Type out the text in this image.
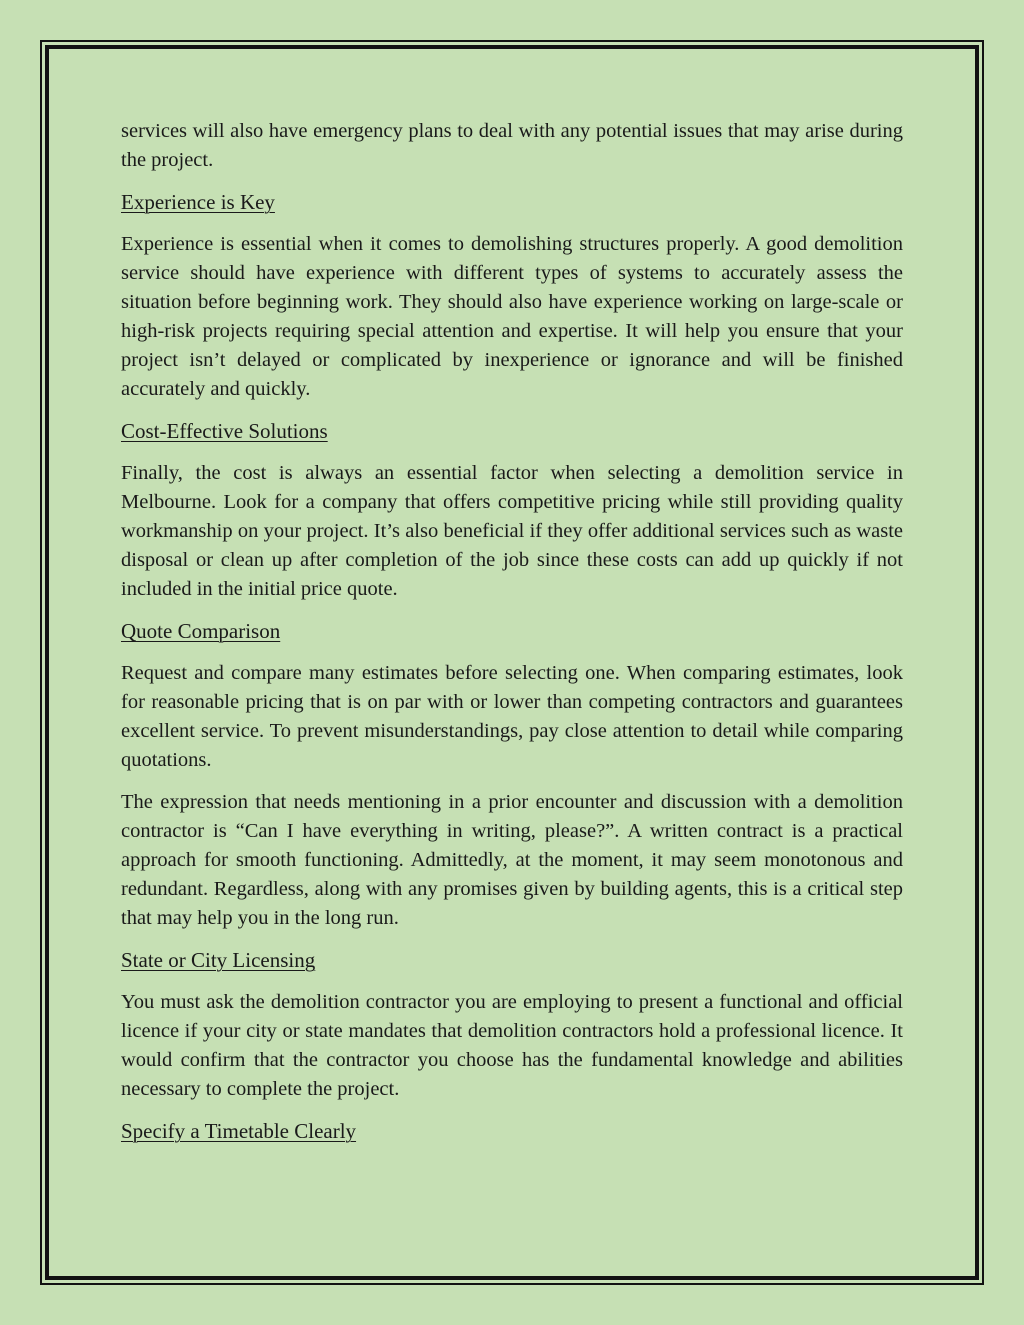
services will also have emergency plans to deal with any potential issues that may arise during the project.

Experience is Key

Experience is essential when it comes to demolishing structures properly. A good demolition service should have experience with different types of systems to accurately assess the situation before beginning work. They should also have experience working on large-scale or high-risk projects requiring special attention and expertise. It will help you ensure that your project isn’t delayed or complicated by inexperience or ignorance and will be finished accurately and quickly.

Cost-Effective Solutions

Finally, the cost is always an essential factor when selecting a demolition service in Melbourne. Look for a company that offers competitive pricing while still providing quality workmanship on your project. It’s also beneficial if they offer additional services such as waste disposal or clean up after completion of the job since these costs can add up quickly if not included in the initial price quote.

Quote Comparison

Request and compare many estimates before selecting one. When comparing estimates, look for reasonable pricing that is on par with or lower than competing contractors and guarantees excellent service. To prevent misunderstandings, pay close attention to detail while comparing quotations.

The expression that needs mentioning in a prior encounter and discussion with a demolition contractor is “Can I have everything in writing, please?”. A written contract is a practical approach for smooth functioning. Admittedly, at the moment, it may seem monotonous and redundant. Regardless, along with any promises given by building agents, this is a critical step that may help you in the long run.

State or City Licensing

You must ask the demolition contractor you are employing to present a functional and official licence if your city or state mandates that demolition contractors hold a professional licence. It would confirm that the contractor you choose has the fundamental knowledge and abilities necessary to complete the project.

Specify a Timetable Clearly
